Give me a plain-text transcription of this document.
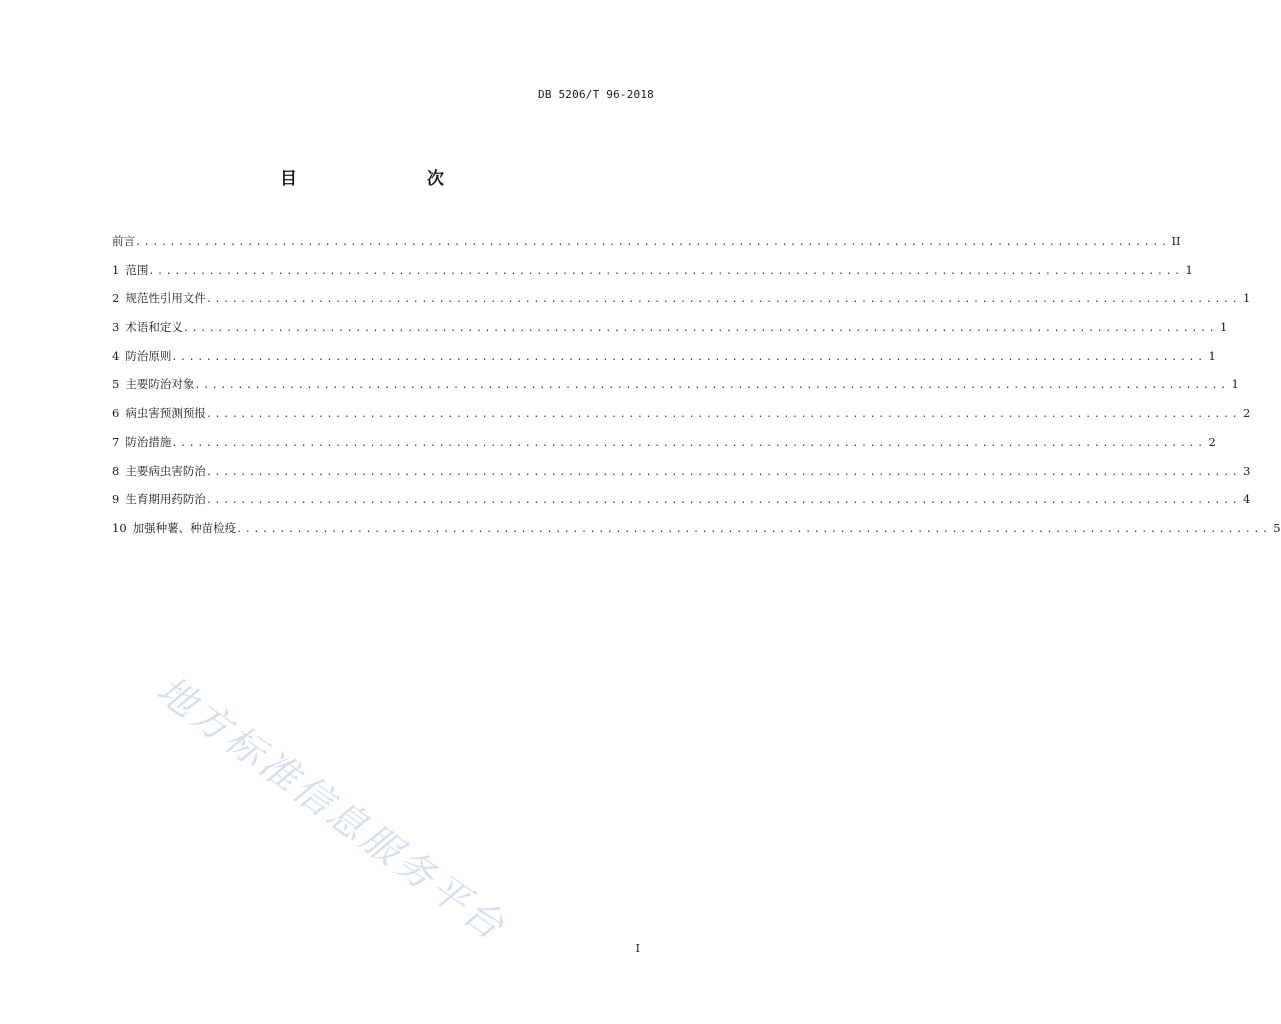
DB 5206/T 96-2018
目 次
前言 ........................................................................................................................ II
1 范围 ........................................................................................................................ 1
2 规范性引用文件 ........................................................................................................................ 1
3 术语和定义 ........................................................................................................................ 1
4 防治原则 ........................................................................................................................ 1
5 主要防治对象 ........................................................................................................................ 1
6 病虫害预测预报 ........................................................................................................................ 2
7 防治措施 ........................................................................................................................ 2
8 主要病虫害防治 ........................................................................................................................ 3
9 生育期用药防治 ........................................................................................................................ 4
10 加强种薯、种苗检疫 ........................................................................................................................ 5
地方标准信息服务平台	I
